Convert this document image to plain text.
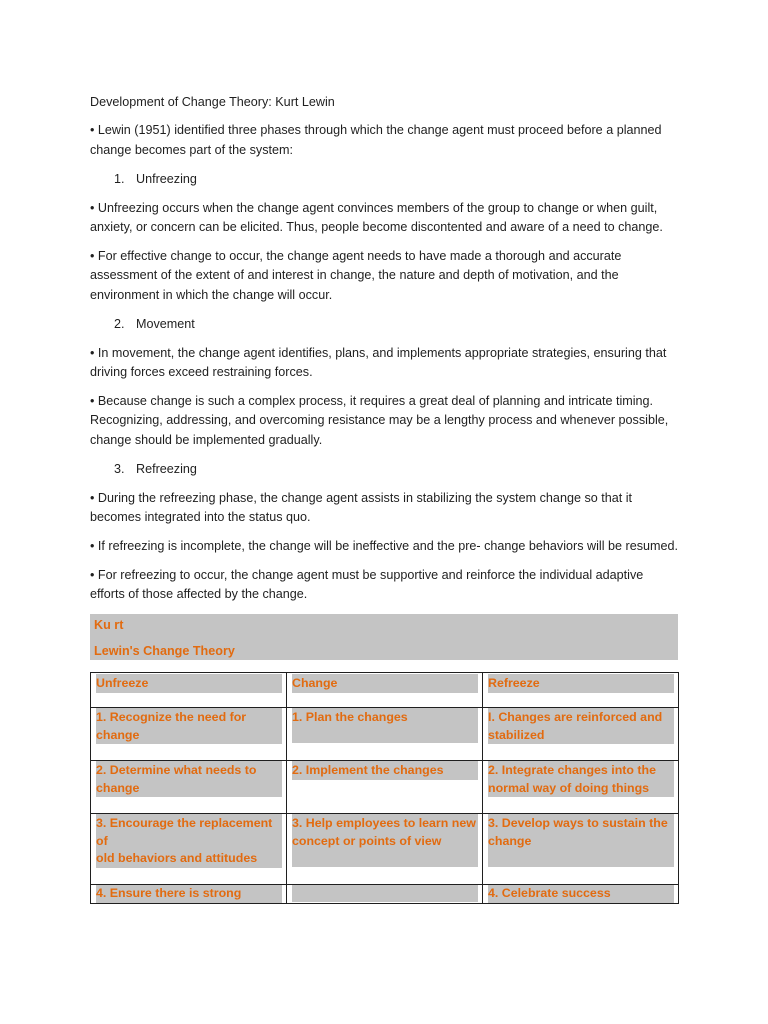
Development of Change Theory: Kurt Lewin

• Lewin (1951) identified three phases through which the change agent must proceed before a planned change becomes part of the system:

1. Unfreezing

• Unfreezing occurs when the change agent convinces members of the group to change or when guilt, anxiety, or concern can be elicited. Thus, people become discontented and aware of a need to change.

• For effective change to occur, the change agent needs to have made a thorough and accurate assessment of the extent of and interest in change, the nature and depth of motivation, and the environment in which the change will occur.

2. Movement

• In movement, the change agent identifies, plans, and implements appropriate strategies, ensuring that driving forces exceed restraining forces.

• Because change is such a complex process, it requires a great deal of planning and intricate timing. Recognizing, addressing, and overcoming resistance may be a lengthy process and whenever possible, change should be implemented gradually.

3. Refreezing

• During the refreezing phase, the change agent assists in stabilizing the system change so that it becomes integrated into the status quo.

• If refreezing is incomplete, the change will be ineffective and the pre- change behaviors will be resumed.

• For refreezing to occur, the change agent must be supportive and reinforce the individual adaptive efforts of those affected by the change.

Ku rt
Lewin's Change Theory
Unfreeze	Change	Refreeze

1. Recognize the need for change	1. Plan the changes	I. Changes are reinforced and stabilized

2. Determine what needs to change	2. Implement the changes	2. Integrate changes into the normal way of doing things

3. Encourage the replacement of
old behaviors and attitudes	3. Help employees to learn new concept or points of view	3. Develop ways to sustain the change

4. Ensure there is strong		4. Celebrate success
